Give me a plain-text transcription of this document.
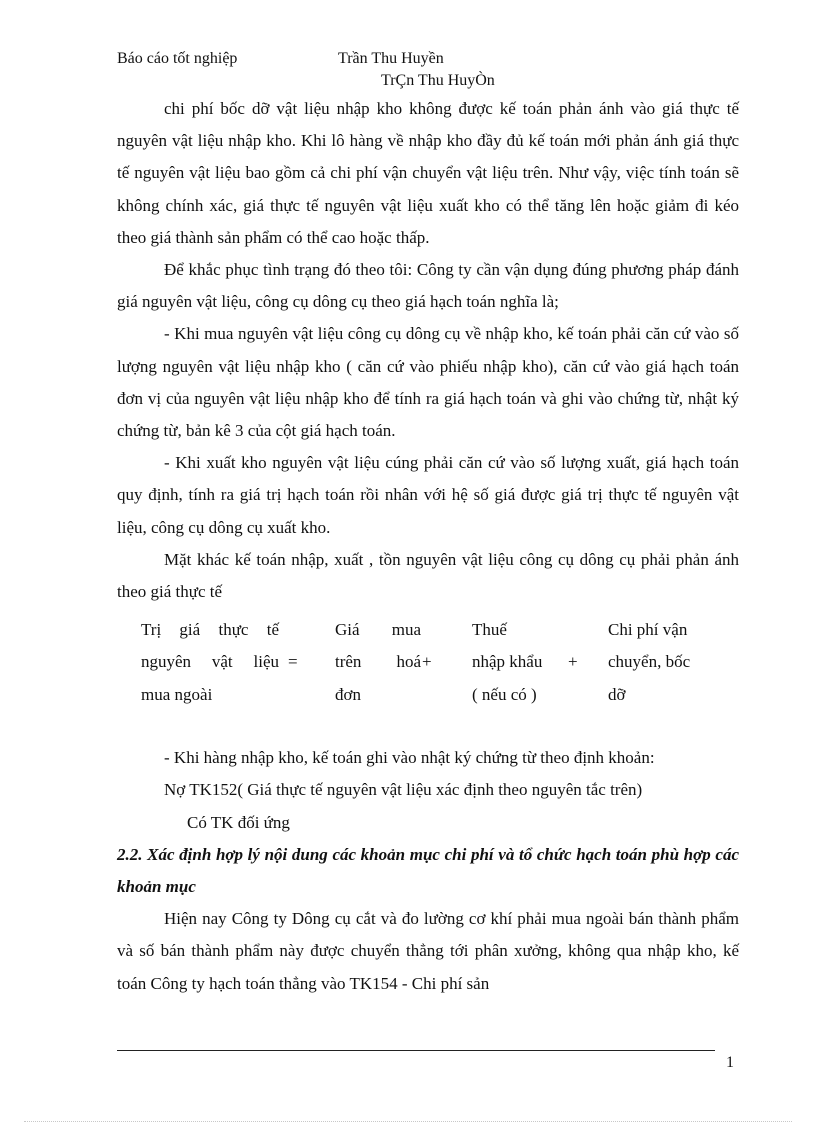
Báo cáo tốt nghiệp	Trần Thu Huyền
TrÇn Thu HuyÒn

chi phí bốc dỡ vật liệu nhập kho không được kế toán phản ánh vào giá thực tế nguyên vật liệu nhập kho. Khi lô hàng về nhập kho đầy đủ kế toán mới phản ánh giá thực tế nguyên vật liệu bao gồm cả chi phí vận chuyển vật liệu trên. Như vậy, việc tính toán sẽ không chính xác, giá thực tế nguyên vật liệu xuất kho có thể tăng lên hoặc giảm đi kéo theo giá thành sản phẩm có thể cao hoặc thấp.

Để khắc phục tình trạng đó theo tôi: Công ty cần vận dụng đúng phương pháp đánh giá nguyên vật liệu, công cụ dông cụ theo giá hạch toán nghĩa là;

- Khi mua nguyên vật liệu công cụ dông cụ về nhập kho, kế toán phải căn cứ vào số lượng nguyên vật liệu nhập kho ( căn cứ vào phiếu nhập kho), căn cứ vào giá hạch toán đơn vị của nguyên vật liệu nhập kho để tính ra giá hạch toán và ghi vào chứng từ, nhật ký chứng từ, bản kê 3 của cột giá hạch toán.

- Khi xuất kho nguyên vật liệu cúng phải căn cứ vào số lượng xuất, giá hạch toán quy định, tính ra giá trị hạch toán rồi nhân với hệ số giá được giá trị thực tế nguyên vật liệu, công cụ dông cụ xuất kho.

Mặt khác kế toán nhập, xuất , tồn nguyên vật liệu công cụ dông cụ phải phản ánh theo giá thực tế

Trị giá thực tế
nguyên vật liệu
mua ngoài
=
Giá mua
trên hoá
đơn
+
Thuế
nhập khẩu
( nếu có )
+
Chi phí vận
chuyển, bốc
dỡ
- Khi hàng nhập kho, kế toán ghi vào nhật ký chứng từ theo định khoản:
Nợ TK152( Giá thực tế nguyên vật liệu xác định theo nguyên tắc trên)
Có TK đối ứng

2.2. Xác định hợp lý nội dung các khoản mục chi phí và tổ chức hạch toán phù hợp các khoản mục

Hiện nay Công ty Dông cụ cắt và đo lường cơ khí phải mua ngoài bán thành phẩm và số bán thành phẩm này được chuyển thẳng tới phân xưởng, không qua nhập kho, kế toán Công ty hạch toán thẳng vào TK154 - Chi phí sản

1
